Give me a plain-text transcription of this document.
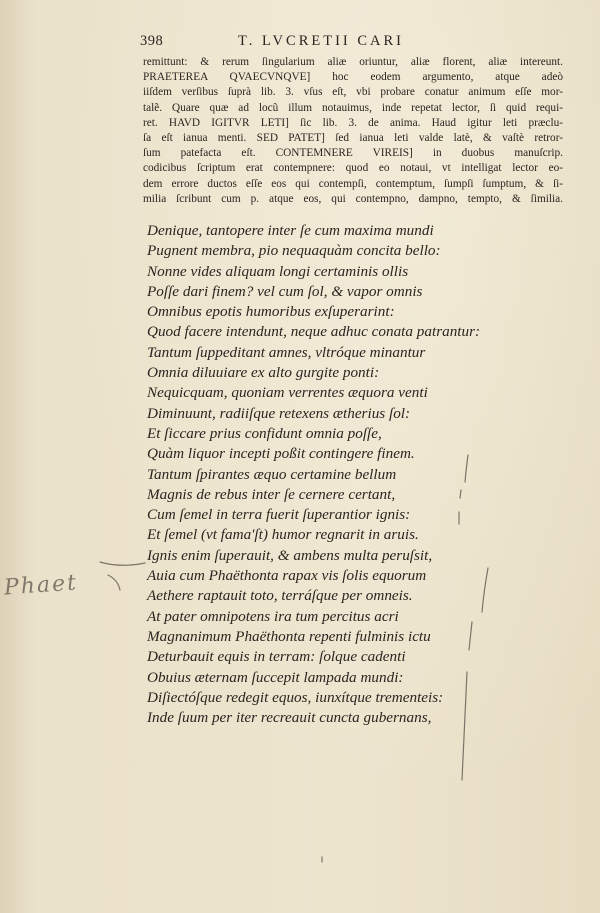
398	T. LVCRETII CARI
remittunt: & rerum ſingularium aliæ oriuntur, aliæ florent, aliæ intereunt.
PRAETEREA QVAECVNQVE] hoc eodem argumento, atque adeò
iiſdem verſibus ſuprà lib. 3. vſus eſt, vbi probare conatur animum eſſe mor-
talẽ. Quare quæ ad locũ illum notauimus, inde repetat lector, ſi quid requi-
ret. HAVD IGITVR LETI] ſic lib. 3. de anima. Haud igitur leti præclu-
ſa eſt ianua menti. SED PATET] ſed ianua leti valde latè, & vaſtè retror-
ſum patefacta eſt. CONTEMNERE VIREIS] in duobus manuſcrip.
codicibus ſcriptum erat contempnere: quod eo notaui, vt intelligat lector eo-
dem errore ductos eſſe eos qui contempſi, contemptum, ſumpſi ſumptum, & ſi-
milia ſcribunt cum p. atque eos, qui contempno, dampno, tempto, & ſimilia.
Denique, tantopere inter ſe cum maxima mundi
Pugnent membra, pio nequaquàm concita bello:
Nonne vides aliquam longi certaminis ollis
Poſſe dari finem? vel cum ſol, & vapor omnis
Omnibus epotis humoribus exſuperarint:
Quod facere intendunt, neque adhuc conata patrantur:
Tantum ſuppeditant amnes, vltróque minantur
Omnia diluuiare ex alto gurgite ponti:
Nequicquam, quoniam verrentes æquora venti
Diminuunt, radiiſque retexens ætherius ſol:
Et ſiccare prius confidunt omnia poſſe,
Quàm liquor incepti poßit contingere finem.
Tantum ſpirantes æquo certamine bellum
Magnis de rebus inter ſe cernere certant,
Cum ſemel in terra fuerit ſuperantior ignis:
Et ſemel (vt fama'ſt) humor regnarit in aruis.
Ignis enim ſuperauit, & ambens multa peruſsit,
Auia cum Phaëthonta rapax vis ſolis equorum
Aethere raptauit toto, terráſque per omneis.
At pater omnipotens ira tum percitus acri
Magnanimum Phaëthonta repenti fulminis ictu
Deturbauit equis in terram: ſolque cadenti
Obuius æternam ſuccepit lampada mundi:
Diſiectóſque redegit equos, iunxítque trementeis:
Inde ſuum per iter recreauit cuncta gubernans,
Phaet
